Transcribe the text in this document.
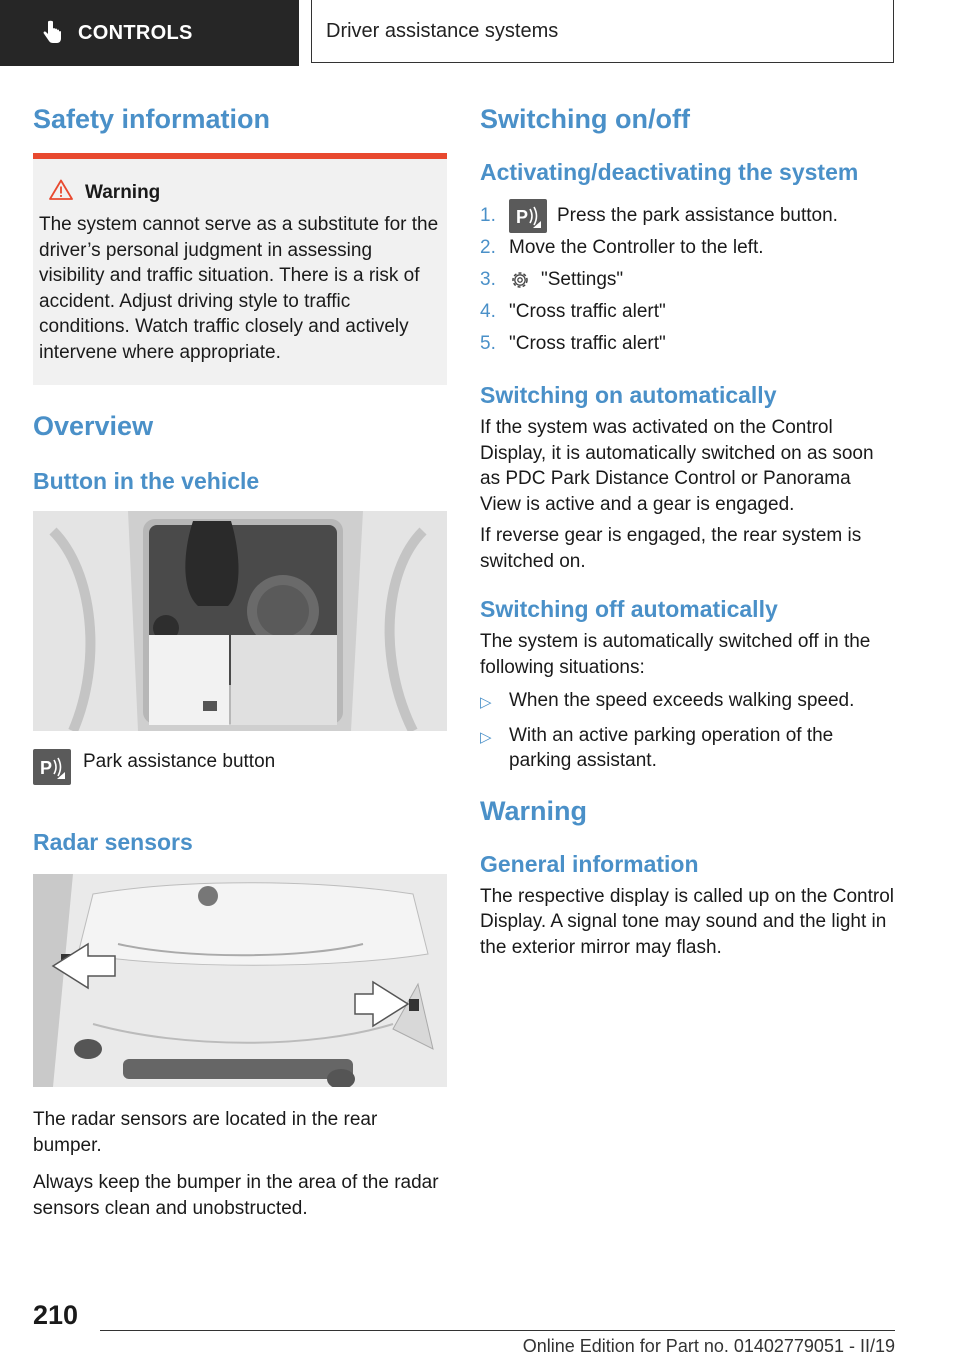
CONTROLS	Driver assistance systems
Safety information
Warning

The system cannot serve as a substitute for the driver’s personal judgment in assessing visibility and traffic situation. There is a risk of accident. Adjust driving style to traffic conditions. Watch traffic closely and actively intervene where appropriate.

Overview
Button in the vehicle
P Park assistance button

Radar sensors

The radar sensors are located in the rear bumper.

Always keep the bumper in the area of the radar sensors clean and unobstructed.

Switching on/off
Activating/deactivating the system
1.	P Press the park assistance button.
2. Move the Controller to the left.
3.	"Settings"
4. "Cross traffic alert"
5. "Cross traffic alert"
Switching on automatically

If the system was activated on the Control Display, it is automatically switched on as soon as PDC Park Distance Control or Panorama View is active and a gear is engaged.

If reverse gear is engaged, the rear system is switched on.

Switching off automatically

The system is automatically switched off in the following situations:

▷ When the speed exceeds walking speed.
▷ With an active parking operation of the parking assistant.
Warning
General information

The respective display is called up on the Control Display. A signal tone may sound and the light in the exterior mirror may flash.

210
Online Edition for Part no. 01402779051 - II/19
